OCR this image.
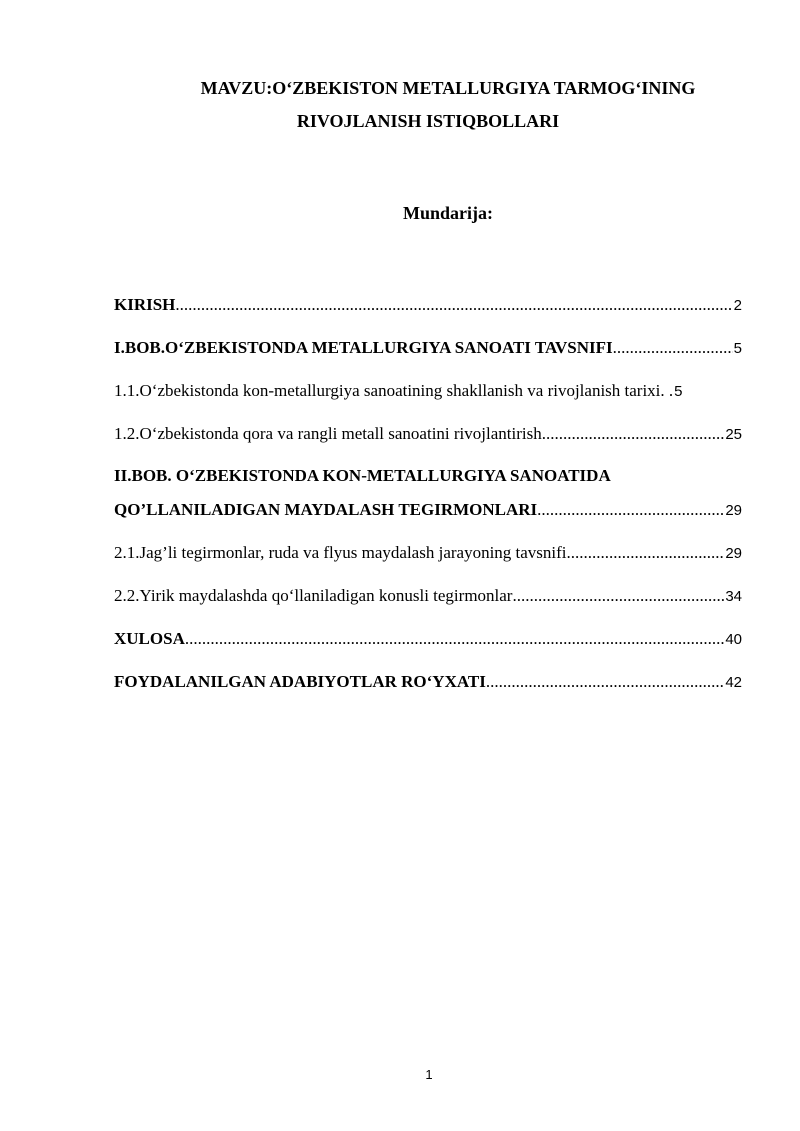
MAVZU:O‘ZBEKISTON METALLURGIYA TARMOG‘INING
RIVOJLANISH ISTIQBOLLARI
Mundarija:
KIRISH .....	2
I.BOB.O‘ZBEKISTONDA METALLURGIYA SANOATI TAVSNIFI .....	5
1.1.O‘zbekistonda kon-metallurgiya sanoatining shakllanish va rivojlanish tarixi. . 5
1.2.O‘zbekistonda qora va rangli metall sanoatini rivojlantirish .....	25
II.BOB. O‘ZBEKISTONDA KON-METALLURGIYA SANOATIDA
QO’LLANILADIGAN MAYDALASH TEGIRMONLARI .....	29
2.1.Jag’li tegirmonlar, ruda va flyus maydalash jarayoning tavsnifi .....	29
2.2.Yirik maydalashda qo‘llaniladigan konusli tegirmonlar .....	34
XULOSA .....	40
FOYDALANILGAN ADABIYOTLAR RO‘YXATI .....	42
1
